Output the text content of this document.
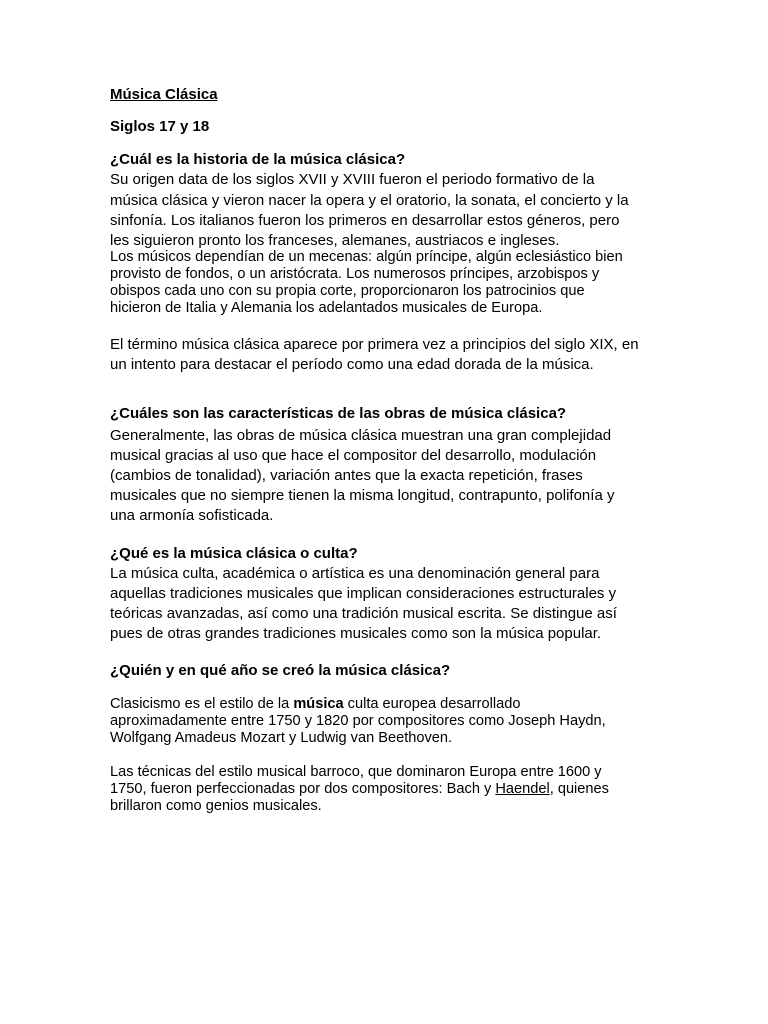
Música Clásica
Siglos 17 y 18
¿Cuál es la historia de la música clásica?
Su origen data de los siglos XVII y XVIII fueron el periodo formativo de la
música clásica y vieron nacer la opera y el oratorio, la sonata, el concierto y la
sinfonía. Los italianos fueron los primeros en desarrollar estos géneros, pero
les siguieron pronto los franceses, alemanes, austriacos e ingleses.
Los músicos dependían de un mecenas: algún príncipe, algún eclesiástico bien
provisto de fondos, o un aristócrata. Los numerosos príncipes, arzobispos y
obispos cada uno con su propia corte, proporcionaron los patrocinios que
hicieron de Italia y Alemania los adelantados musicales de Europa.
El término música clásica aparece por primera vez a principios del siglo XIX, en
un intento para destacar el período como una edad dorada de la música.
¿Cuáles son las características de las obras de música clásica?
Generalmente, las obras de música clásica muestran una gran complejidad
musical gracias al uso que hace el compositor del desarrollo, modulación
(cambios de tonalidad), variación antes que la exacta repetición, frases
musicales que no siempre tienen la misma longitud, contrapunto, polifonía y
una armonía sofisticada.
¿Qué es la música clásica o culta?
La música culta, académica o artística es una denominación general para
aquellas tradiciones musicales que implican consideraciones estructurales y
teóricas avanzadas, así como una tradición musical escrita. Se distingue así
pues de otras grandes tradiciones musicales como son la música popular.
¿Quién y en qué año se creó la música clásica?
Clasicismo es el estilo de la música culta europea desarrollado
aproximadamente entre 1750 y 1820 por compositores como Joseph Haydn,
Wolfgang Amadeus Mozart y Ludwig van Beethoven.
Las técnicas del estilo musical barroco, que dominaron Europa entre 1600 y
1750, fueron perfeccionadas por dos compositores: Bach y Haendel, quienes
brillaron como genios musicales.
